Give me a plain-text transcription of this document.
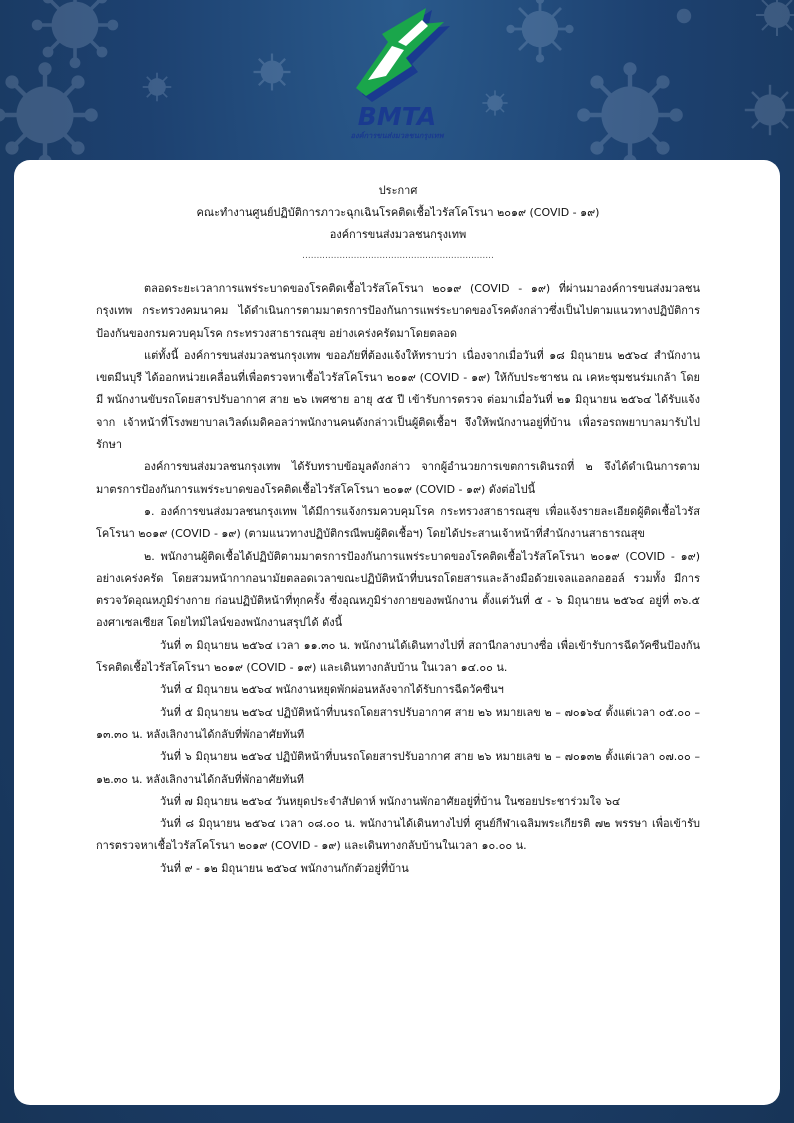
BMTA
องค์การขนส่งมวลชนกรุงเทพ
ประกาศ
คณะทำงานศูนย์ปฏิบัติการภาวะฉุกเฉินโรคติดเชื้อไวรัสโคโรนา ๒๐๑๙ (COVID - ๑๙)
องค์การขนส่งมวลชนกรุงเทพ
...................................................................

ตลอดระยะเวลาการแพร่ระบาดของโรคติดเชื้อไวรัสโคโรนา ๒๐๑๙ (COVID - ๑๙) ที่ผ่านมาองค์การขนส่งมวลชนกรุงเทพ กระทรวงคมนาคม ได้ดำเนินการตามมาตรการป้องกันการแพร่ระบาดของโรคดังกล่าวซึ่งเป็นไปตามแนวทางปฏิบัติการป้องกันของกรมควบคุมโรค กระทรวงสาธารณสุข อย่างเคร่งครัดมาโดยตลอด

แต่ทั้งนี้ องค์การขนส่งมวลชนกรุงเทพ ขออภัยที่ต้องแจ้งให้ทราบว่า เนื่องจากเมื่อวันที่ ๑๘ มิถุนายน ๒๕๖๔ สำนักงานเขตมีนบุรี ได้ออกหน่วยเคลื่อนที่เพื่อตรวจหาเชื้อไวรัสโคโรนา ๒๐๑๙ (COVID - ๑๙) ให้กับประชาชน ณ เคหะชุมชนร่มเกล้า โดยมี พนักงานขับรถโดยสารปรับอากาศ สาย ๒๖ เพศชาย อายุ ๕๕ ปี เข้ารับการตรวจ ต่อมาเมื่อวันที่ ๒๑ มิถุนายน ๒๕๖๔ ได้รับแจ้งจาก เจ้าหน้าที่โรงพยาบาลเวิลด์เมดิคอลว่าพนักงานคนดังกล่าวเป็นผู้ติดเชื้อฯ จึงให้พนักงานอยู่ที่บ้าน เพื่อรอรถพยาบาลมารับไปรักษา

องค์การขนส่งมวลชนกรุงเทพ ได้รับทราบข้อมูลดังกล่าว จากผู้อำนวยการเขตการเดินรถที่ ๒ จึงได้ดำเนินการตามมาตรการป้องกันการแพร่ระบาดของโรคติดเชื้อไวรัสโคโรนา ๒๐๑๙ (COVID - ๑๙) ดังต่อไปนี้

๑. องค์การขนส่งมวลชนกรุงเทพ ได้มีการแจ้งกรมควบคุมโรค กระทรวงสาธารณสุข เพื่อแจ้งรายละเอียดผู้ติดเชื้อไวรัสโคโรนา ๒๐๑๙ (COVID - ๑๙) (ตามแนวทางปฏิบัติกรณีพบผู้ติดเชื้อฯ) โดยได้ประสานเจ้าหน้าที่สำนักงานสาธารณสุข

๒. พนักงานผู้ติดเชื้อได้ปฏิบัติตามมาตรการป้องกันการแพร่ระบาดของโรคติดเชื้อไวรัสโคโรนา ๒๐๑๙ (COVID - ๑๙) อย่างเคร่งครัด โดยสวมหน้ากากอนามัยตลอดเวลาขณะปฏิบัติหน้าที่บนรถโดยสารและล้างมือด้วยเจลแอลกอฮอล์ รวมทั้ง มีการตรวจวัดอุณหภูมิร่างกาย ก่อนปฏิบัติหน้าที่ทุกครั้ง ซึ่งอุณหภูมิร่างกายของพนักงาน ตั้งแต่วันที่ ๕ - ๖ มิถุนายน ๒๕๖๔ อยู่ที่ ๓๖.๕ องศาเซลเซียส โดยไทม์ไลน์ของพนักงานสรุปได้ ดังนี้

วันที่ ๓ มิถุนายน ๒๕๖๔ เวลา ๑๑.๓๐ น. พนักงานได้เดินทางไปที่ สถานีกลางบางซื่อ เพื่อเข้ารับการฉีดวัคซีนป้องกันโรคติดเชื้อไวรัสโคโรนา ๒๐๑๙ (COVID - ๑๙) และเดินทางกลับบ้าน ในเวลา ๑๔.๐๐ น.

วันที่ ๔ มิถุนายน ๒๕๖๔ พนักงานหยุดพักผ่อนหลังจากได้รับการฉีดวัคซีนฯ

วันที่ ๕ มิถุนายน ๒๕๖๔ ปฏิบัติหน้าที่บนรถโดยสารปรับอากาศ สาย ๒๖ หมายเลข ๒ – ๗๐๑๖๔ ตั้งแต่เวลา ๐๕.๐๐ – ๑๓.๓๐ น. หลังเลิกงานได้กลับที่พักอาศัยทันที

วันที่ ๖ มิถุนายน ๒๕๖๔ ปฏิบัติหน้าที่บนรถโดยสารปรับอากาศ สาย ๒๖ หมายเลข ๒ – ๗๐๑๓๒ ตั้งแต่เวลา ๐๗.๐๐ – ๑๒.๓๐ น. หลังเลิกงานได้กลับที่พักอาศัยทันที

วันที่ ๗ มิถุนายน ๒๕๖๔ วันหยุดประจำสัปดาห์ พนักงานพักอาศัยอยู่ที่บ้าน ในซอยประชาร่วมใจ ๖๔

วันที่ ๘ มิถุนายน ๒๕๖๔ เวลา ๐๘.๐๐ น. พนักงานได้เดินทางไปที่ ศูนย์กีฬาเฉลิมพระเกียรติ ๗๒ พรรษา เพื่อเข้ารับการตรวจหาเชื้อไวรัสโคโรนา ๒๐๑๙ (COVID - ๑๙) และเดินทางกลับบ้านในเวลา ๑๐.๐๐ น.

วันที่ ๙ - ๑๒ มิถุนายน ๒๕๖๔ พนักงานกักตัวอยู่ที่บ้าน
